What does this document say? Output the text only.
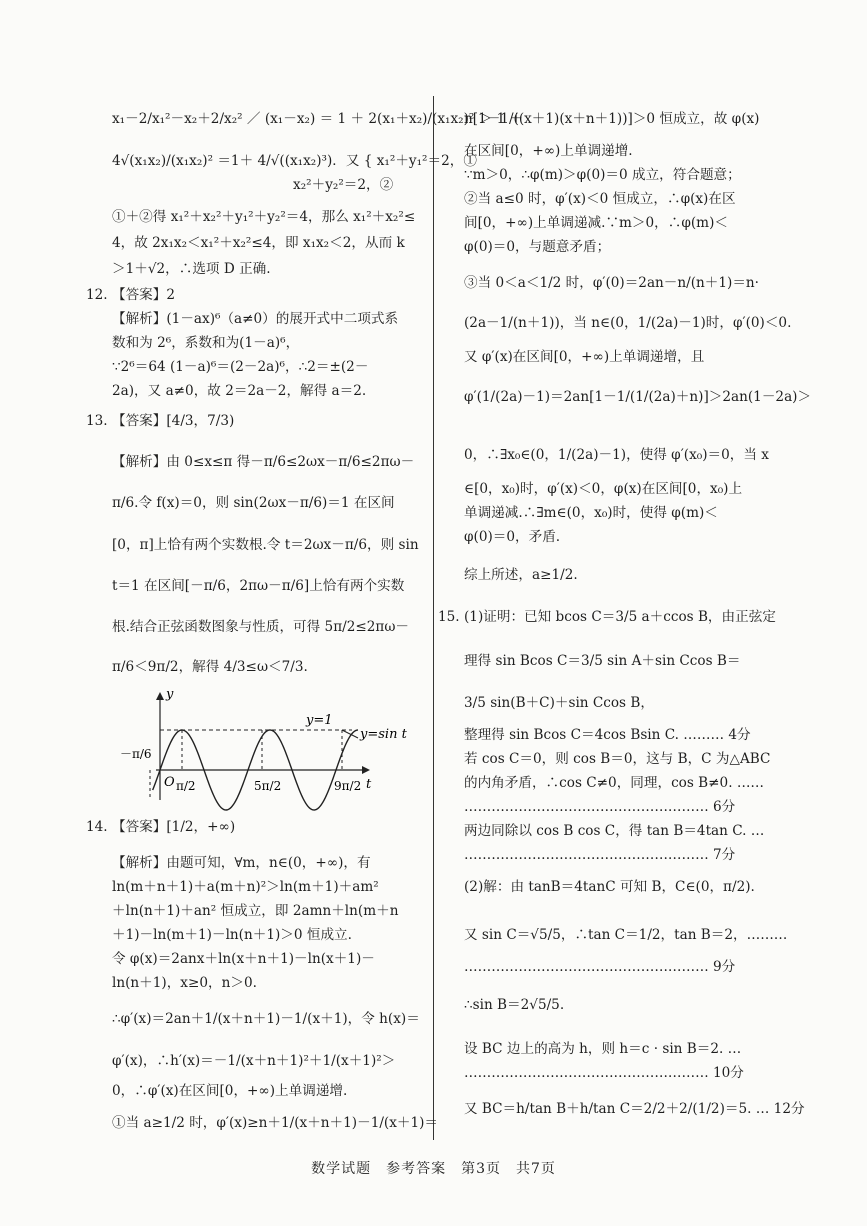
x₁－2/x₁²－x₂＋2/x₂² ／ (x₁－x₂) ＝ 1 ＋ 2(x₁＋x₂)/(x₁x₂)² ＞ 1 ＋
4√(x₁x₂)/(x₁x₂)² ＝1＋ 4/√((x₁x₂)³)．又 { x₁²＋y₁²＝2，①
　　　　　　　　　　　　　 x₂²＋y₂²＝2，②
①＋②得 x₁²＋x₂²＋y₁²＋y₂²＝4，那么 x₁²＋x₂²≤
4，故 2x₁x₂＜x₁²＋x₂²≤4，即 x₁x₂＜2，从而 k
＞1＋√2，∴选项 D 正确.
12. 【答案】2
【解析】(1－ax)⁶（a≠0）的展开式中二项式系
数和为 2⁶，系数和为(1－a)⁶，
∵2⁶＝64 (1－a)⁶＝(2－2a)⁶，∴2＝±(2－
2a)，又 a≠0，故 2＝2a－2，解得 a＝2.
13. 【答案】[4/3，7/3)
【解析】由 0≤x≤π 得－π/6≤2ωx－π/6≤2πω－
π/6.令 f(x)＝0，则 sin(2ωx－π/6)＝1 在区间
[0，π]上恰有两个实数根.令 t＝2ωx－π/6，则 sin
t＝1 在区间[－π/6，2πω－π/6]上恰有两个实数
根.结合正弦函数图象与性质，可得 5π/2≤2πω－
π/6＜9π/2，解得 4/3≤ω＜7/3.
－π/6
y
t
O
y=1
y=sin t
π/2	5π/2	9π/2
14. 【答案】[1/2，+∞)
【解析】由题可知，∀m，n∈(0，+∞)，有
ln(m＋n＋1)＋a(m＋n)²＞ln(m＋1)＋am²
＋ln(n＋1)＋an² 恒成立，即 2amn＋ln(m＋n
＋1)－ln(m＋1)－ln(n＋1)＞0 恒成立.
令 φ(x)＝2anx＋ln(x＋n＋1)－ln(x＋1)－
ln(n＋1)，x≥0，n＞0.
∴φ′(x)＝2an＋1/(x＋n＋1)－1/(x＋1)，令 h(x)＝
φ′(x)，∴h′(x)＝－1/(x＋n＋1)²＋1/(x＋1)²＞
0，∴φ′(x)在区间[0，+∞)上单调递增.
①当 a≥1/2 时，φ′(x)≥n＋1/(x＋n＋1)－1/(x＋1)＝
n[1－1/((x＋1)(x＋n＋1))]＞0 恒成立，故 φ(x)
在区间[0，+∞)上单调递增.
∵m＞0，∴φ(m)＞φ(0)＝0 成立，符合题意；
②当 a≤0 时，φ′(x)＜0 恒成立，∴φ(x)在区
间[0，+∞)上单调递减.∵m＞0，∴φ(m)＜
φ(0)＝0，与题意矛盾；
③当 0＜a＜1/2 时，φ′(0)＝2an－n/(n＋1)＝n·
(2a－1/(n＋1))，当 n∈(0，1/(2a)－1)时，φ′(0)＜0.
又 φ′(x)在区间[0，+∞)上单调递增，且
φ′(1/(2a)－1)＝2an[1－1/(1/(2a)＋n)]＞2an(1－2a)＞
0，∴∃x₀∈(0，1/(2a)－1)，使得 φ′(x₀)＝0，当 x
∈[0，x₀)时，φ′(x)＜0，φ(x)在区间[0，x₀)上
单调递减.∴∃m∈(0，x₀)时，使得 φ(m)＜
φ(0)＝0，矛盾.
综上所述，a≥1/2.
15. (1)证明：已知 bcos C＝3/5 a＋ccos B，由正弦定
理得 sin Bcos C＝3/5 sin A＋sin Ccos B＝
3/5 sin(B＋C)＋sin Ccos B，
整理得 sin Bcos C＝4cos Bsin C. ……… 4分
若 cos C＝0，则 cos B＝0，这与 B，C 为△ABC
的内角矛盾，∴cos C≠0，同理，cos B≠0. ……
……………………………………………… 6分
两边同除以 cos B cos C，得 tan B＝4tan C. …
……………………………………………… 7分
(2)解：由 tanB＝4tanC 可知 B，C∈(0，π/2).
又 sin C＝√5/5，∴tan C＝1/2，tan B＝2，………
……………………………………………… 9分
∴sin B＝2√5/5.
设 BC 边上的高为 h，则 h＝c · sin B＝2. …
……………………………………………… 10分
又 BC＝h/tan B＋h/tan C＝2/2＋2/(1/2)＝5. … 12分
数学试题　参考答案　第3页　共7页
